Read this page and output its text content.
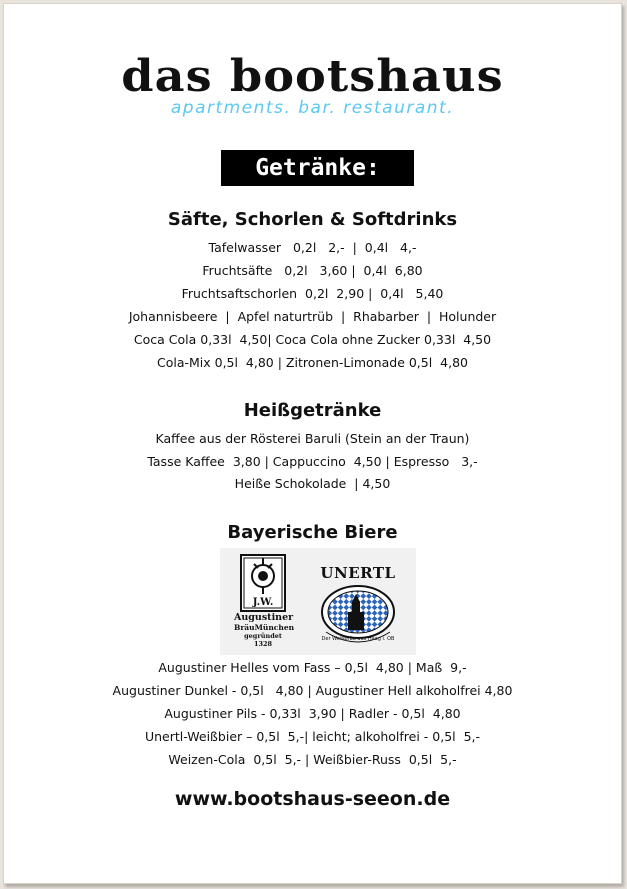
das bootshaus
apartments. bar. restaurant.
Getränke:
Säfte, Schorlen & Softdrinks
Tafelwasser   0,2l   2,-  |  0,4l   4,-
Fruchtsäfte   0,2l   3,60 |  0,4l  6,80
Fruchtsaftschorlen  0,2l  2,90 |  0,4l   5,40
Johannisbeere  |  Apfel naturtrüb  |  Rhabarber  |  Holunder
Coca Cola 0,33l  4,50| Coca Cola ohne Zucker 0,33l  4,50
Cola-Mix 0,5l  4,80 | Zitronen-Limonade 0,5l  4,80
Heißgetränke
Kaffee aus der Rösterei Baruli (Stein an der Traun)
Tasse Kaffee  3,80 | Cappuccino  4,50 | Espresso   3,-
Heiße Schokolade  | 4,50
Bayerische Biere
J.W.
Augustiner
BräuMünchen
gegründet 1328
UNERTL
Der Weißbräu aus Haag i. OB
Augustiner Helles vom Fass – 0,5l  4,80 | Maß  9,-
Augustiner Dunkel - 0,5l   4,80 | Augustiner Hell alkoholfrei 4,80
Augustiner Pils - 0,33l  3,90 | Radler - 0,5l  4,80
Unertl-Weißbier – 0,5l  5,-| leicht; alkoholfrei - 0,5l  5,-
Weizen-Cola  0,5l  5,- | Weißbier-Russ  0,5l  5,-
www.bootshaus-seeon.de
